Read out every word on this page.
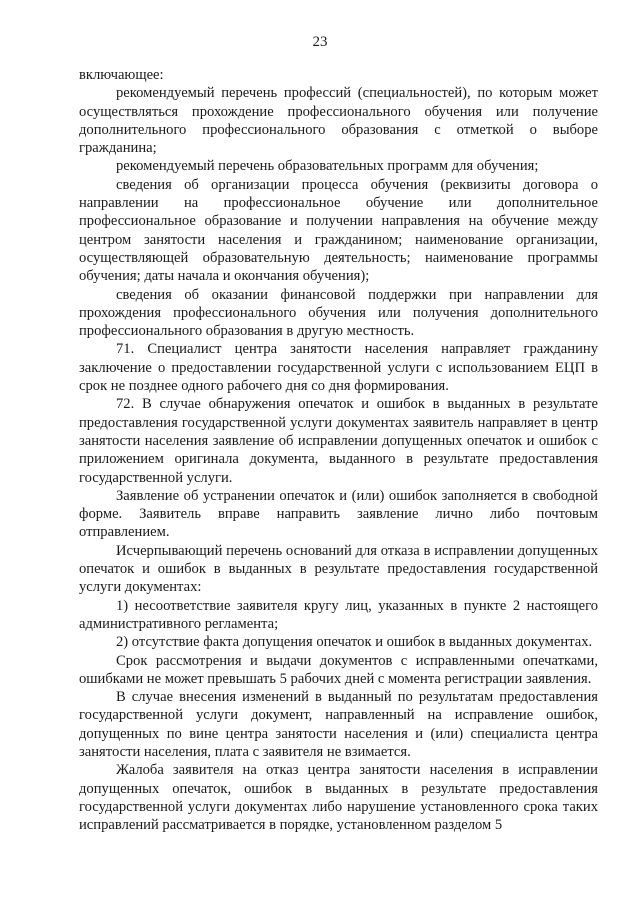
23

включающее:

рекомендуемый перечень профессий (специальностей), по которым может осуществляться прохождение профессионального обучения или получение дополнительного профессионального образования с отметкой о выборе гражданина;

рекомендуемый перечень образовательных программ для обучения;

сведения об организации процесса обучения (реквизиты договора о направлении на профессиональное обучение или дополнительное профессиональное образование и получении направления на обучение между центром занятости населения и гражданином; наименование организации, осуществляющей образовательную деятельность; наименование программы обучения; даты начала и окончания обучения);

сведения об оказании финансовой поддержки при направлении для прохождения профессионального обучения или получения дополнительного профессионального образования в другую местность.

71. Специалист центра занятости населения направляет гражданину заключение о предоставлении государственной услуги с использованием ЕЦП в срок не позднее одного рабочего дня со дня формирования.

72. В случае обнаружения опечаток и ошибок в выданных в результате предоставления государственной услуги документах заявитель направляет в центр занятости населения заявление об исправлении допущенных опечаток и ошибок с приложением оригинала документа, выданного в результате предоставления государственной услуги.

Заявление об устранении опечаток и (или) ошибок заполняется в свободной форме. Заявитель вправе направить заявление лично либо почтовым отправлением.

Исчерпывающий перечень оснований для отказа в исправлении допущенных опечаток и ошибок в выданных в результате предоставления государственной услуги документах:

1) несоответствие заявителя кругу лиц, указанных в пункте 2 настоящего административного регламента;

2) отсутствие факта допущения опечаток и ошибок в выданных документах.

Срок рассмотрения и выдачи документов с исправленными опечатками, ошибками не может превышать 5 рабочих дней с момента регистрации заявления.

В случае внесения изменений в выданный по результатам предоставления государственной услуги документ, направленный на исправление ошибок, допущенных по вине центра занятости населения и (или) специалиста центра занятости населения, плата с заявителя не взимается.

Жалоба заявителя на отказ центра занятости населения в исправлении допущенных опечаток, ошибок в выданных в результате предоставления государственной услуги документах либо нарушение установленного срока таких исправлений рассматривается в порядке, установленном разделом 5
